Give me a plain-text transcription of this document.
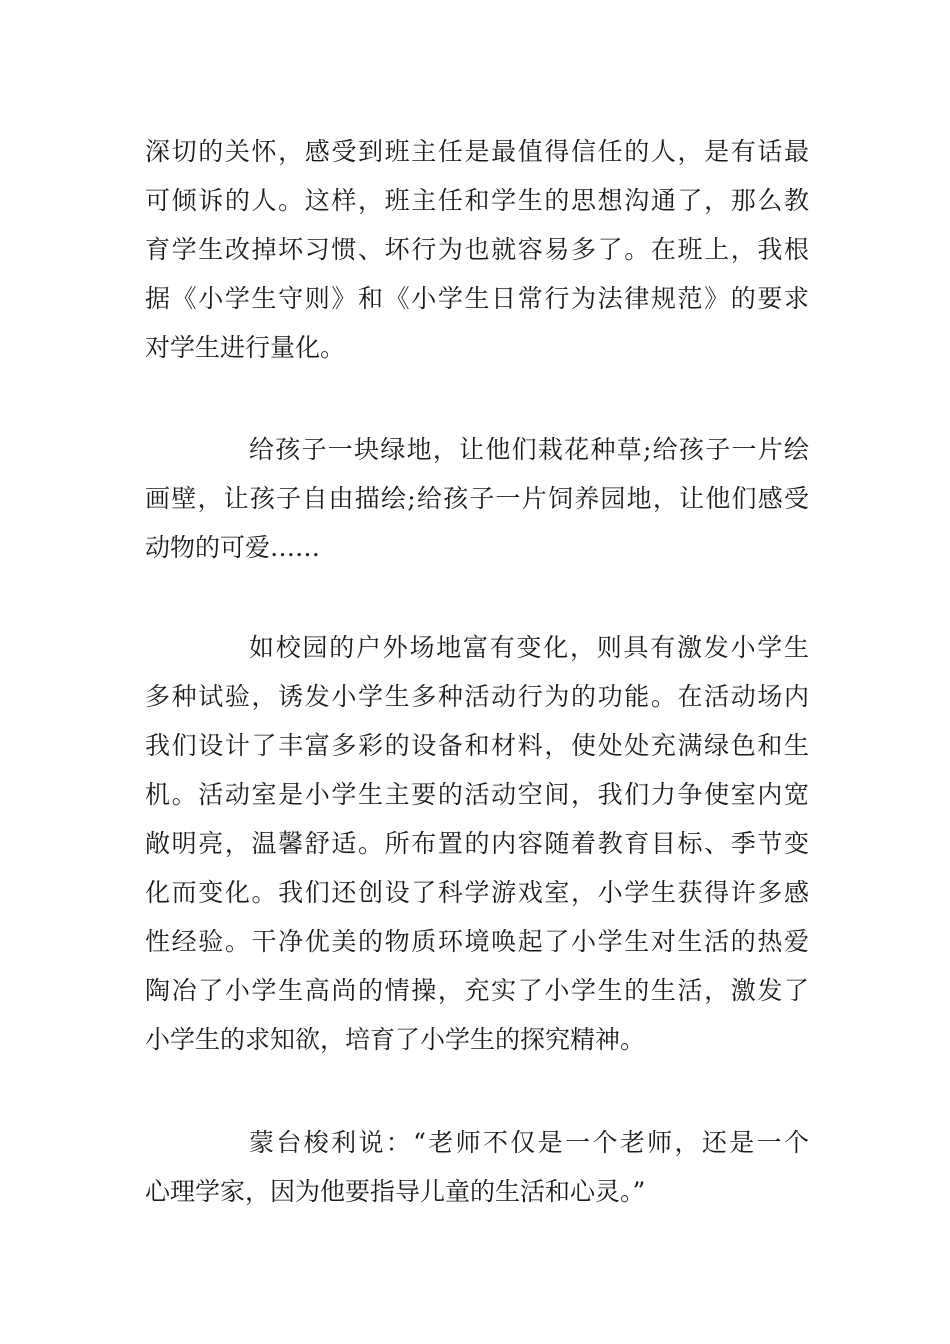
深切的关怀，感受到班主任是最值得信任的人，是有话最
可倾诉的人。这样，班主任和学生的思想沟通了，那么教
育学生改掉坏习惯、坏行为也就容易多了。在班上，我根
据《小学生守则》和《小学生日常行为法律规范》的要求
对学生进行量化。
给孩子一块绿地，让他们栽花种草;给孩子一片绘
画壁，让孩子自由描绘;给孩子一片饲养园地，让他们感受
动物的可爱……
如校园的户外场地富有变化，则具有激发小学生
多种试验，诱发小学生多种活动行为的功能。在活动场内
我们设计了丰富多彩的设备和材料，使处处充满绿色和生
机。活动室是小学生主要的活动空间，我们力争使室内宽
敞明亮，温馨舒适。所布置的内容随着教育目标、季节变
化而变化。我们还创设了科学游戏室，小学生获得许多感
性经验。干净优美的物质环境唤起了小学生对生活的热爱
陶冶了小学生高尚的情操，充实了小学生的生活，激发了
小学生的求知欲，培育了小学生的探究精神。
蒙台梭利说：“老师不仅是一个老师，还是一个
心理学家，因为他要指导儿童的生活和心灵。”
